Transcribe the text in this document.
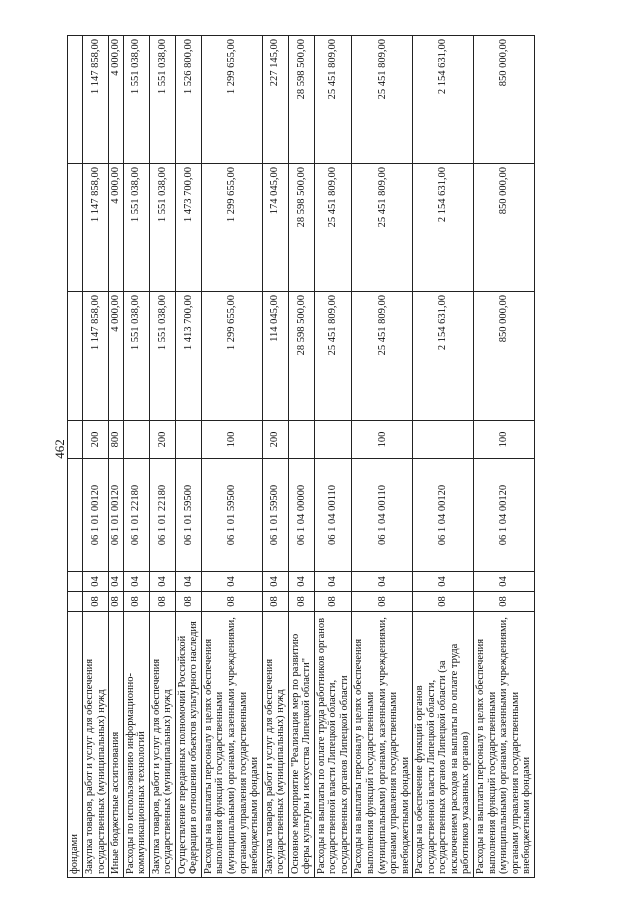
462
фондами							
Закупка товаров, работ и услуг для обеспечения государственных (муниципальных) нужд	08	04	06 1 01 00120	200	1 147 858,00	1 147 858,00	1 147 858,00
Иные бюджетные ассигнования	08	04	06 1 01 00120	800	4 000,00	4 000,00	4 000,00
Расходы по использованию информационно-коммуникационных технологий	08	04	06 1 01 22180		1 551 038,00	1 551 038,00	1 551 038,00
Закупка товаров, работ и услуг для обеспечения государственных (муниципальных) нужд	08	04	06 1 01 22180	200	1 551 038,00	1 551 038,00	1 551 038,00
Осуществление переданных полномочий Российской Федерации в отношении объектов культурного наследия	08	04	06 1 01 59500		1 413 700,00	1 473 700,00	1 526 800,00
Расходы на выплаты персоналу в целях обеспечения выполнения функций государственными (муниципальными) органами, казенными учреждениями, органами управления государственными внебюджетными фондами	08	04	06 1 01 59500	100	1 299 655,00	1 299 655,00	1 299 655,00
Закупка товаров, работ и услуг для обеспечения государственных (муниципальных) нужд	08	04	06 1 01 59500	200	114 045,00	174 045,00	227 145,00
Основное мероприятие "Реализация мер по развитию сферы культуры и искусства Липецкой области"	08	04	06 1 04 00000		28 598 500,00	28 598 500,00	28 598 500,00
Расходы на выплаты по оплате труда работников органов государственной власти Липецкой области, государственных органов Липецкой области	08	04	06 1 04 00110		25 451 809,00	25 451 809,00	25 451 809,00
Расходы на выплаты персоналу в целях обеспечения выполнения функций государственными (муниципальными) органами, казенными учреждениями, органами управления государственными внебюджетными фондами	08	04	06 1 04 00110	100	25 451 809,00	25 451 809,00	25 451 809,00
Расходы на обеспечение функций органов государственной власти Липецкой области, государственных органов Липецкой области (за исключением расходов на выплаты по оплате труда работников указанных органов)	08	04	06 1 04 00120		2 154 631,00	2 154 631,00	2 154 631,00
Расходы на выплаты персоналу в целях обеспечения выполнения функций государственными (муниципальными) органами, казенными учреждениями, органами управления государственными внебюджетными фондами	08	04	06 1 04 00120	100	850 000,00	850 000,00	850 000,00
